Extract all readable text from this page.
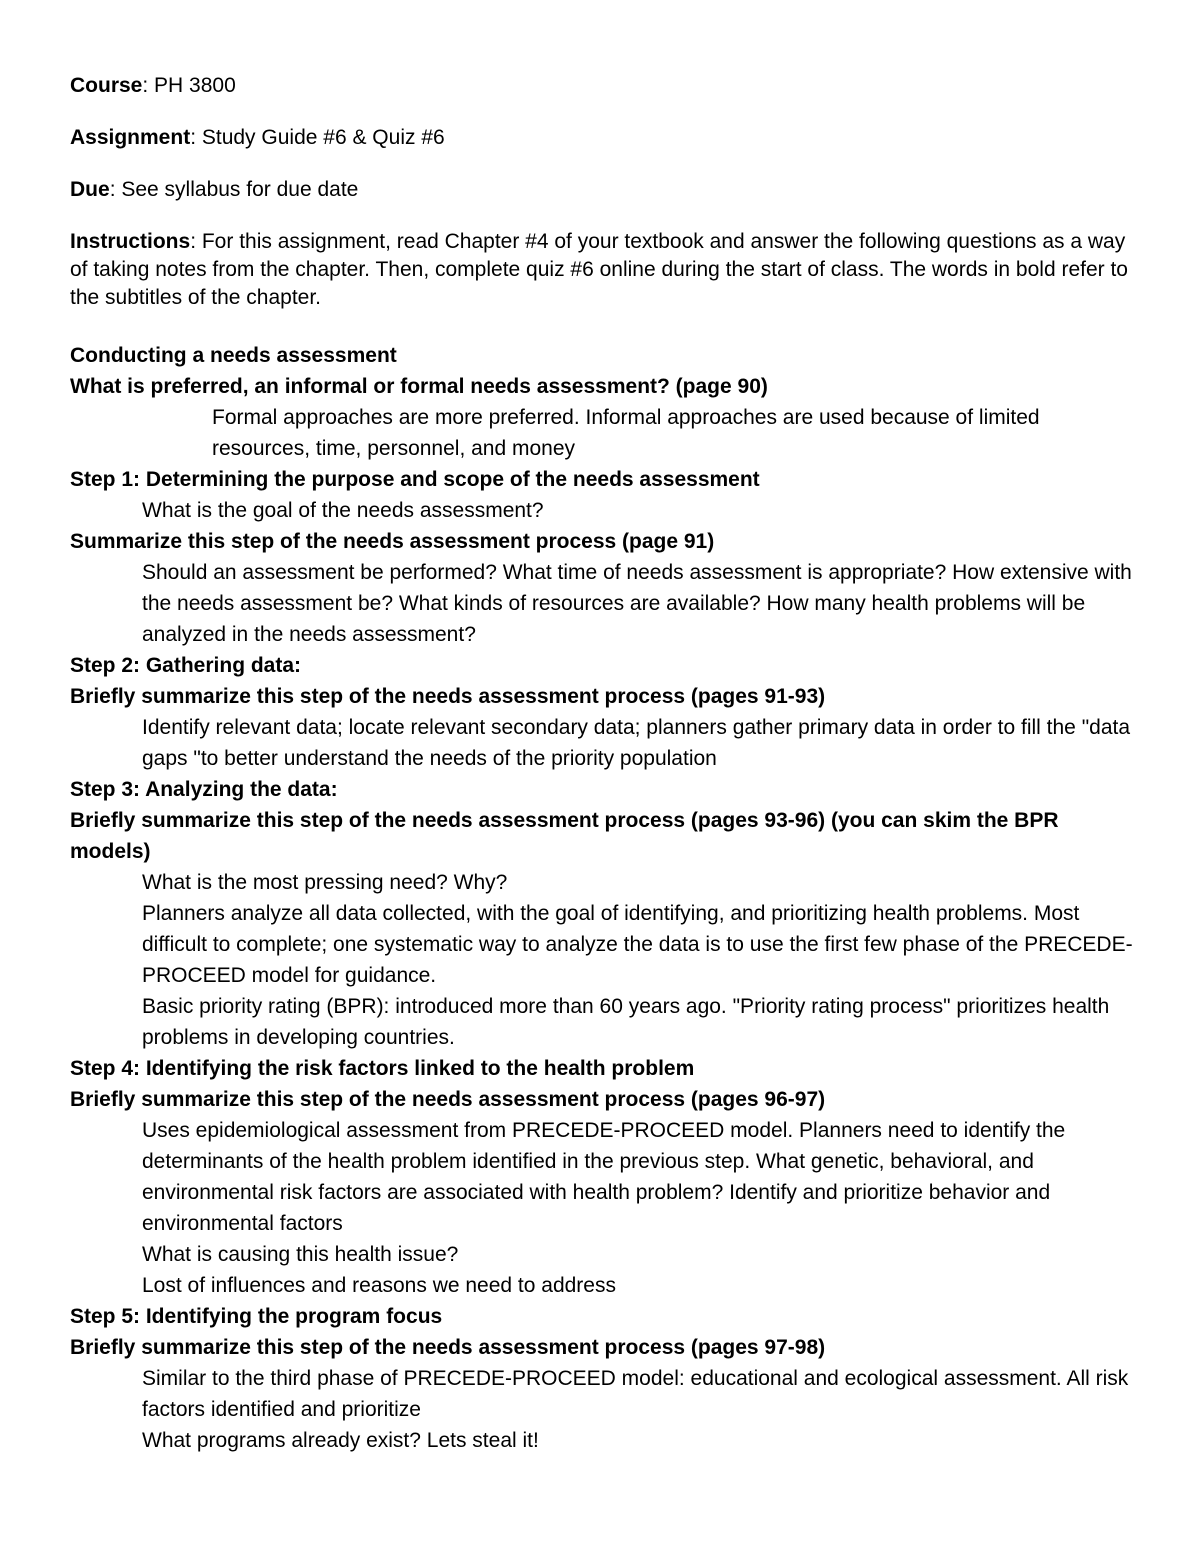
Course: PH 3800
Assignment: Study Guide #6 & Quiz #6
Due: See syllabus for due date
Instructions: For this assignment, read Chapter #4 of your textbook and answer the following questions as a way of taking notes from the chapter. Then, complete quiz #6 online during the start of class. The words in bold refer to the subtitles of the chapter.
Conducting a needs assessment
What is preferred, an informal or formal needs assessment? (page 90)
Formal approaches are more preferred. Informal approaches are used because of limited resources, time, personnel, and money
Step 1: Determining the purpose and scope of the needs assessment
What is the goal of the needs assessment?
Summarize this step of the needs assessment process (page 91)
Should an assessment be performed? What time of needs assessment is appropriate? How extensive with the needs assessment be? What kinds of resources are available? How many health problems will be analyzed in the needs assessment?
Step 2: Gathering data:
Briefly summarize this step of the needs assessment process (pages 91-93)
Identify relevant data; locate relevant secondary data; planners gather primary data in order to fill the "data gaps "to better understand the needs of the priority population
Step 3: Analyzing the data:
Briefly summarize this step of the needs assessment process (pages 93-96) (you can skim the BPR models)
What is the most pressing need? Why?
Planners analyze all data collected, with the goal of identifying, and prioritizing health problems. Most difficult to complete; one systematic way to analyze the data is to use the first few phase of the PRECEDE-PROCEED model for guidance.
Basic priority rating (BPR): introduced more than 60 years ago. "Priority rating process" prioritizes health problems in developing countries.
Step 4: Identifying the risk factors linked to the health problem
Briefly summarize this step of the needs assessment process (pages 96-97)
Uses epidemiological assessment from PRECEDE-PROCEED model. Planners need to identify the determinants of the health problem identified in the previous step. What genetic, behavioral, and environmental risk factors are associated with health problem? Identify and prioritize behavior and environmental factors
What is causing this health issue?
Lost of influences and reasons we need to address
Step 5: Identifying the program focus
Briefly summarize this step of the needs assessment process (pages 97-98)
Similar to the third phase of PRECEDE-PROCEED model: educational and ecological assessment. All risk factors identified and prioritize
What programs already exist? Lets steal it!
